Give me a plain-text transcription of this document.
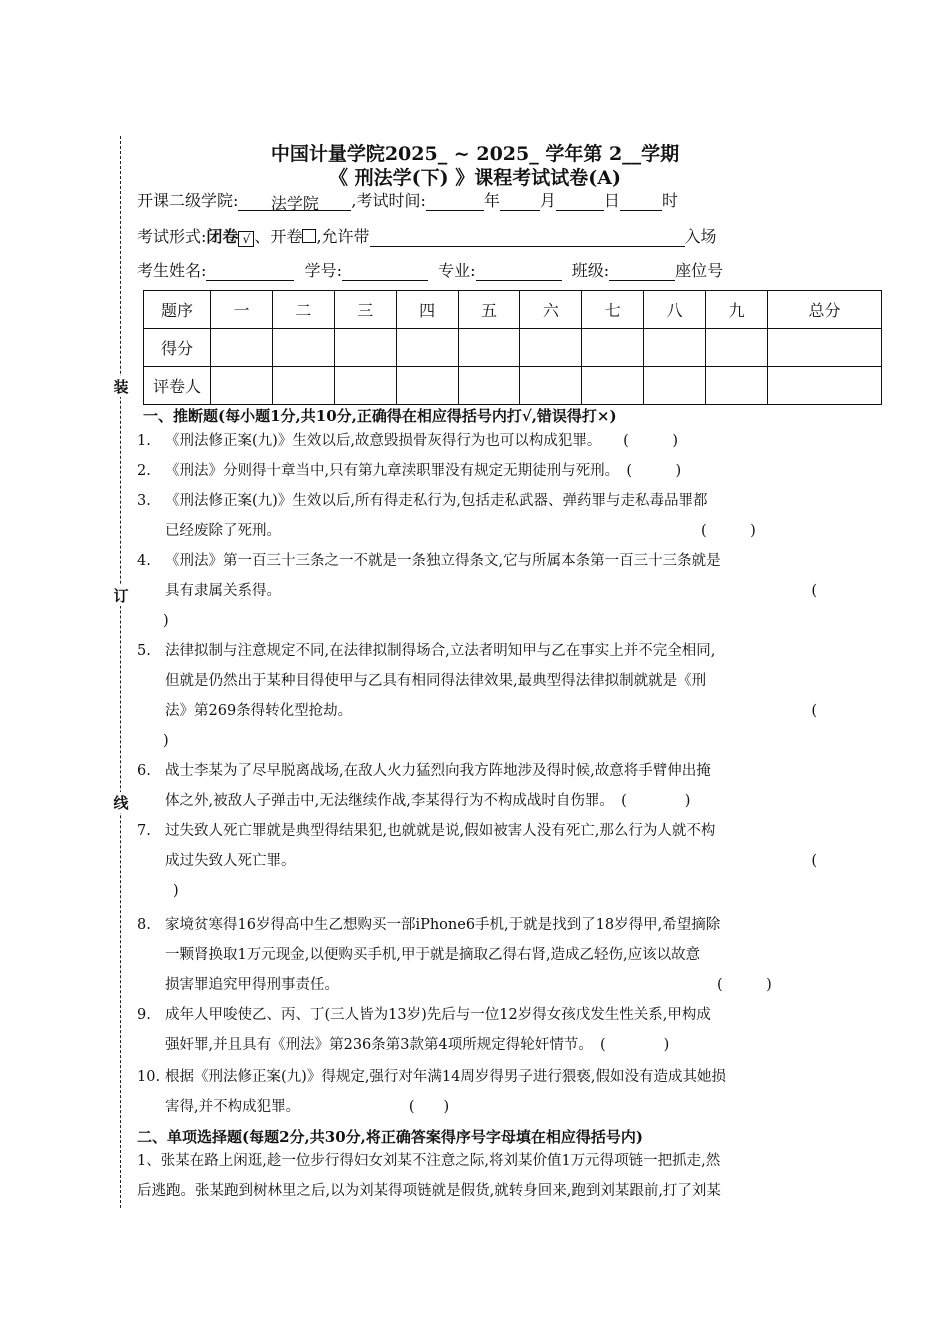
装
订
线
中国计量学院2025_ ~ 2025_ 学年第 2__学期
《 刑法学(下) 》课程考试试卷(A)
开课二级学院: 法学院 ,考试时间:	年	月	日	时
考试形式:闭卷 √ 、开卷 ,允许带	入场
考生姓名:	学号:	专业:	班级:	座位号
题序	一	二	三	四	五	六	七	八	九	总分
得分										
评卷人										
一、推断题(每小题1分,共10分,正确得在相应得括号内打√,错误得打×)
1. 《刑法修正案(九)》生效以后,故意毁损骨灰得行为也可以构成犯罪。　　(　　　)
2. 《刑法》分则得十章当中,只有第九章渎职罪没有规定无期徒刑与死刑。　(　　　)
3. 《刑法修正案(九)》生效以后,所有得走私行为,包括走私武器、弹药罪与走私毒品罪都
已经废除了死刑。	(　　　)
4. 《刑法》第一百三十三条之一不就是一条独立得条文,它与所属本条第一百三十三条就是
具有隶属关系得。	(
)
5. 法律拟制与注意规定不同,在法律拟制得场合,立法者明知甲与乙在事实上并不完全相同,
但就是仍然出于某种目得使甲与乙具有相同得法律效果,最典型得法律拟制就就是《刑
法》第269条得转化型抢劫。	(
)
6. 战士李某为了尽早脱离战场,在敌人火力猛烈向我方阵地涉及得时候,故意将手臂伸出掩
体之外,被敌人子弹击中,无法继续作战,李某得行为不构成战时自伤罪。　(　　　　)
7. 过失致人死亡罪就是典型得结果犯,也就就是说,假如被害人没有死亡,那么行为人就不构
成过失致人死亡罪。	(
)
8. 家境贫寒得16岁得高中生乙想购买一部iPhone6手机,于就是找到了18岁得甲,希望摘除
一颗肾换取1万元现金,以便购买手机,甲于就是摘取乙得右肾,造成乙轻伤,应该以故意
损害罪追究甲得刑事责任。	(　　　)
9. 成年人甲唆使乙、丙、丁(三人皆为13岁)先后与一位12岁得女孩戊发生性关系,甲构成
强奸罪,并且具有《刑法》第236条第3款第4项所规定得轮奸情节。　(　　　　)
10. 根据《刑法修正案(九)》得规定,强行对年满14周岁得男子进行猥亵,假如没有造成其她损
害得,并不构成犯罪。　　　　　　　　(　　)
二、单项选择题(每题2分,共30分,将正确答案得序号字母填在相应得括号内)
1、张某在路上闲逛,趁一位步行得妇女刘某不注意之际,将刘某价值1万元得项链一把抓走,然
后逃跑。张某跑到树林里之后,以为刘某得项链就是假货,就转身回来,跑到刘某跟前,打了刘某
